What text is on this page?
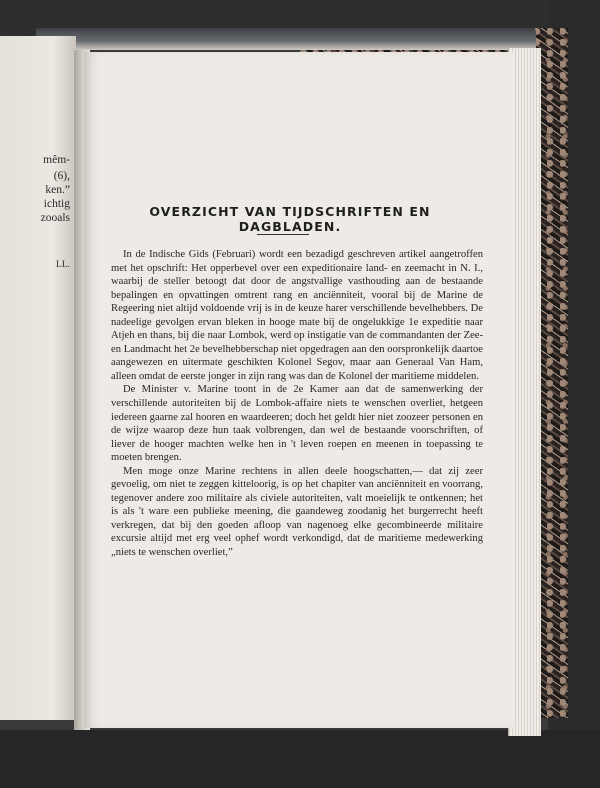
mêm-
(6),
ken.”
ichtig
zooals
LL.
OVERZICHT VAN TIJDSCHRIFTEN EN DAGBLADEN.

In de Indische Gids (Februari) wordt een bezadigd geschreven artikel aangetroffen met het opschrift: Het opperbevel over een expeditionaire land- en zeemacht in N. I., waarbij de steller betoogt dat door de angstvallige vasthouding aan de bestaande bepalingen en opvattingen omtrent rang en anciënniteit, vooral bij de Marine de Regeering niet altijd voldoende vrij is in de keuze harer verschillende bevelhebbers. De nadeelige gevolgen ervan bleken in hooge mate bij de ongelukkige 1e expeditie naar Atjeh en thans, bij die naar Lombok, werd op instigatie van de commandanten der Zee- en Landmacht het 2e bevelhebberschap niet opgedragen aan den oorspronkelijk daartoe aangewezen en uitermate geschikten Kolonel Segov, maar aan Generaal Van Ham, alleen omdat de eerste jonger in zijn rang was dan de Kolonel der maritieme middelen.

De Minister v. Marine toont in de 2e Kamer aan dat de samenwerking der verschillende autoriteiten bij de Lombok-affaire niets te wenschen overliet, hetgeen iedereen gaarne zal hooren en waardeeren; doch het geldt hier niet zoozeer personen en de wijze waarop deze hun taak volbrengen, dan wel de bestaande voorschriften, of liever de hooger machten welke hen in 't leven roepen en meenen in toepassing te moeten brengen.

Men moge onze Marine rechtens in allen deele hoogschatten,— dat zij zeer gevoelig, om niet te zeggen kitteloorig, is op het chapiter van anciënniteit en voorrang, tegenover andere zoo militaire als civiele autoriteiten, valt moeielijk te ontkennen; het is als 't ware een publieke meening, die gaandeweg zoodanig het burgerrecht heeft verkregen, dat bij den goeden afloop van nagenoeg elke gecombineerde militaire excursie altijd met erg veel ophef wordt verkondigd, dat de maritieme medewerking „niets te wenschen overliet,”
